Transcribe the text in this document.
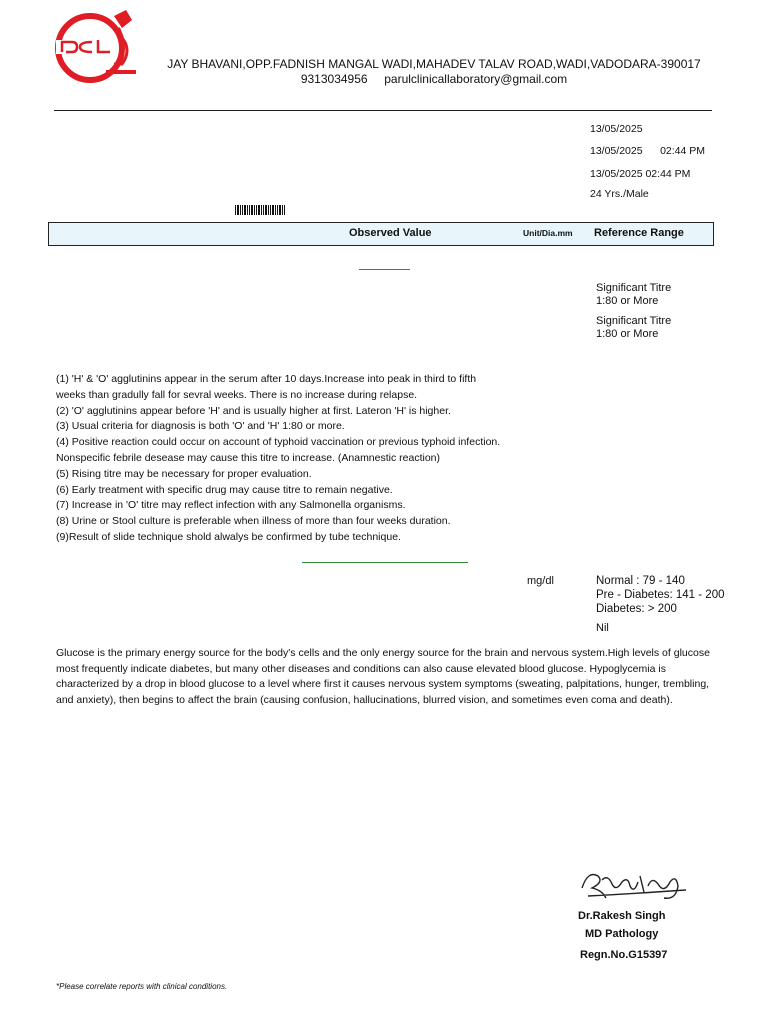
JAY BHAVANI,OPP.FADNISH MANGAL WADI,MAHADEV TALAV ROAD,WADI,VADODARA-390017
9313034956 parulclinicallaboratory@gmail.com
13/05/2025
13/05/2025 02:44 PM
13/05/2025 02:44 PM
24 Yrs./Male
Observed Value	Unit/Dia.mm Reference Range
Significant Titre
1:80 or More
Significant Titre
1:80 or More
(1) 'H' & 'O' agglutinins appear in the serum after 10 days.Increase into peak in third to fifth
weeks than gradully fall for sevral weeks. There is no increase during relapse.
(2) 'O' agglutinins appear before 'H' and is usually higher at first. Lateron 'H' is higher.
(3) Usual criteria for diagnosis is both 'O' and 'H' 1:80 or more.
(4) Positive reaction could occur on account of typhoid vaccination or previous typhoid infection.
Nonspecific febrile desease may cause this titre to increase. (Anamnestic reaction)
(5) Rising titre may be necessary for proper evaluation.
(6) Early treatment with specific drug may cause titre to remain negative.
(7) Increase in 'O' titre may reflect infection with any Salmonella organisms.
(8) Urine or Stool culture is preferable when illness of more than four weeks duration.
(9)Result of slide technique shold alwalys be confirmed by tube technique.
mg/dl	Normal : 79 - 140
Pre - Diabetes: 141 - 200
Diabetes: > 200
Nil
Glucose is the primary energy source for the body's cells and the only energy source for the brain and nervous system.High levels of glucose most frequently indicate diabetes, but many other diseases and conditions can also cause elevated blood glucose. Hypoglycemia is characterized by a drop in blood glucose to a level where first it causes nervous system symptoms (sweating, palpitations, hunger, trembling, and anxiety), then begins to affect the brain (causing confusion, hallucinations, blurred vision, and sometimes even coma and death).
Dr.Rakesh Singh
MD Pathology
Regn.No.G15397
*Please correlate reports with clinical conditions.
